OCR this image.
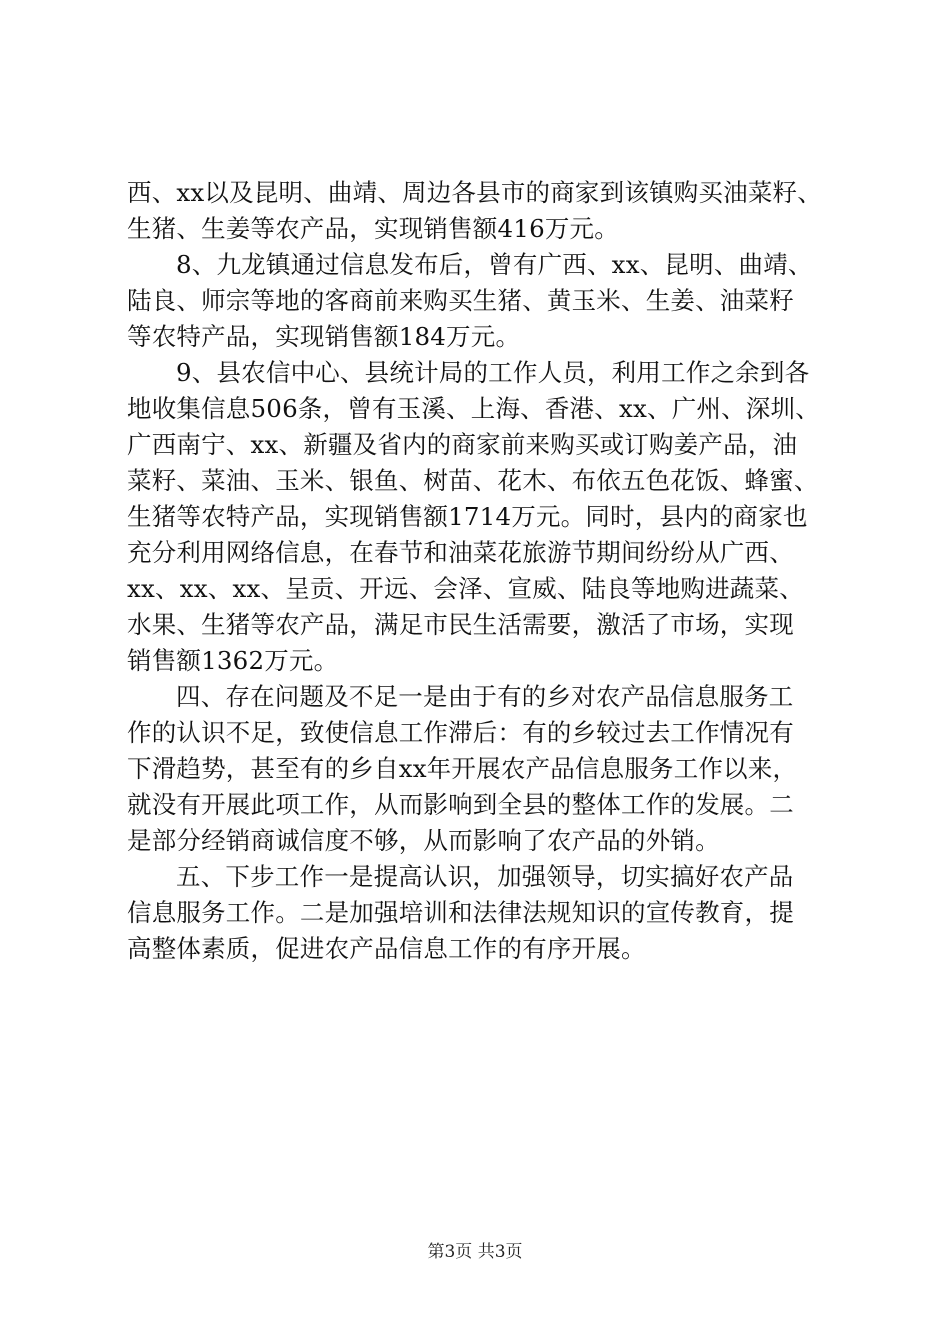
西、xx以及昆明、曲靖、周边各县市的商家到该镇购买油菜籽、
生猪、生姜等农产品，实现销售额416万元。
8、九龙镇通过信息发布后，曾有广西、xx、昆明、曲靖、
陆良、师宗等地的客商前来购买生猪、黄玉米、生姜、油菜籽
等农特产品，实现销售额184万元。
9、县农信中心、县统计局的工作人员，利用工作之余到各
地收集信息506条，曾有玉溪、上海、香港、xx、广州、深圳、
广西南宁、xx、新疆及省内的商家前来购买或订购姜产品，油
菜籽、菜油、玉米、银鱼、树苗、花木、布依五色花饭、蜂蜜、
生猪等农特产品，实现销售额1714万元。同时，县内的商家也
充分利用网络信息，在春节和油菜花旅游节期间纷纷从广西、
xx、xx、xx、呈贡、开远、会泽、宣威、陆良等地购进蔬菜、
水果、生猪等农产品，满足市民生活需要，激活了市场，实现
销售额1362万元。
四、存在问题及不足一是由于有的乡对农产品信息服务工
作的认识不足，致使信息工作滞后：有的乡较过去工作情况有
下滑趋势，甚至有的乡自xx年开展农产品信息服务工作以来，
就没有开展此项工作，从而影响到全县的整体工作的发展。二
是部分经销商诚信度不够，从而影响了农产品的外销。
五、下步工作一是提高认识，加强领导，切实搞好农产品
信息服务工作。二是加强培训和法律法规知识的宣传教育，提
高整体素质，促进农产品信息工作的有序开展。
第3页 共3页
